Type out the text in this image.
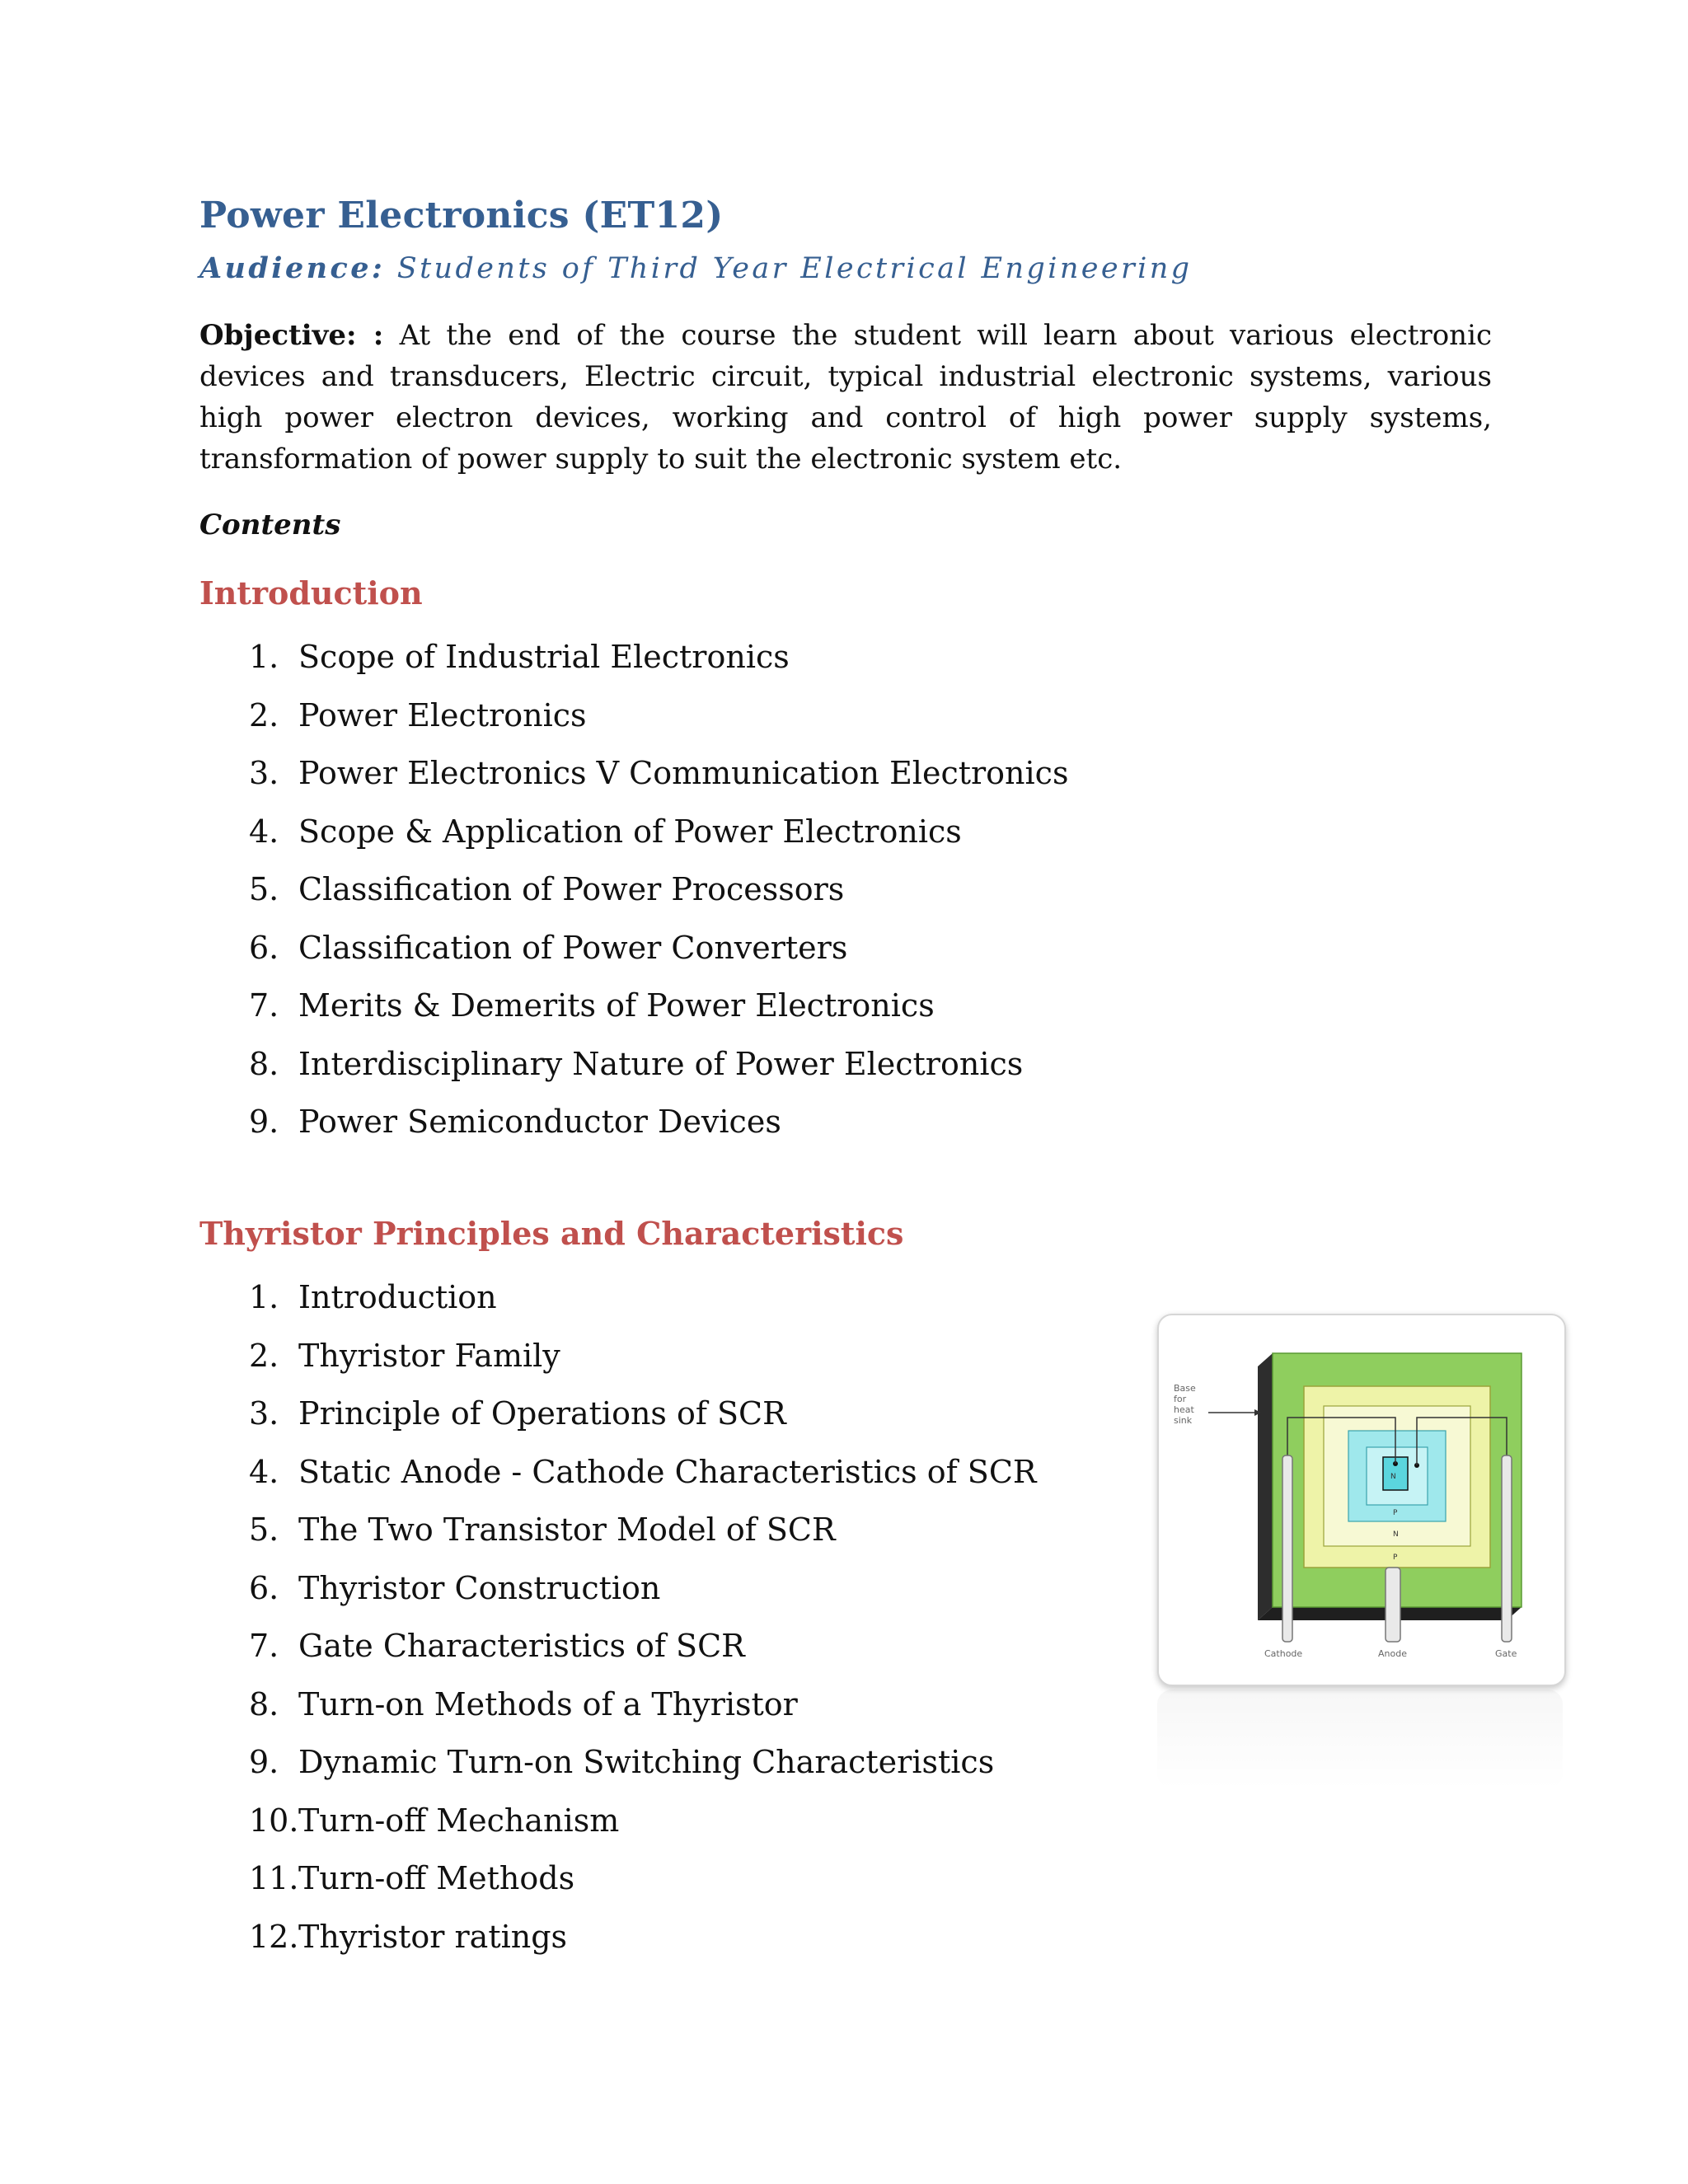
Power Electronics (ET12)
Audience: Students of Third Year Electrical Engineering

Objective: : At the end of the course the student will learn about various electronic devices and transducers, Electric circuit, typical industrial electronic systems, various high power electron devices, working and control of high power supply systems, transformation of power supply to suit the electronic system etc.

Contents
Introduction
1. Scope of Industrial Electronics
2. Power Electronics
3. Power Electronics V Communication Electronics
4. Scope & Application of Power Electronics
5. Classification of Power Processors
6. Classification of Power Converters
7. Merits & Demerits of Power Electronics
8. Interdisciplinary Nature of Power Electronics
9. Power Semiconductor Devices
Thyristor Principles and Characteristics
1. Introduction
2. Thyristor Family
3. Principle of Operations of SCR
4. Static Anode - Cathode Characteristics of SCR
5. The Two Transistor Model of SCR
6. Thyristor Construction
7. Gate Characteristics of SCR
8. Turn-on Methods of a Thyristor
9. Dynamic Turn-on Switching Characteristics
10. Turn-off Mechanism
11. Turn-off Methods
12. Thyristor ratings
Base
for
heat
sink
N
P
N
P
Cathode	Anode	Gate
